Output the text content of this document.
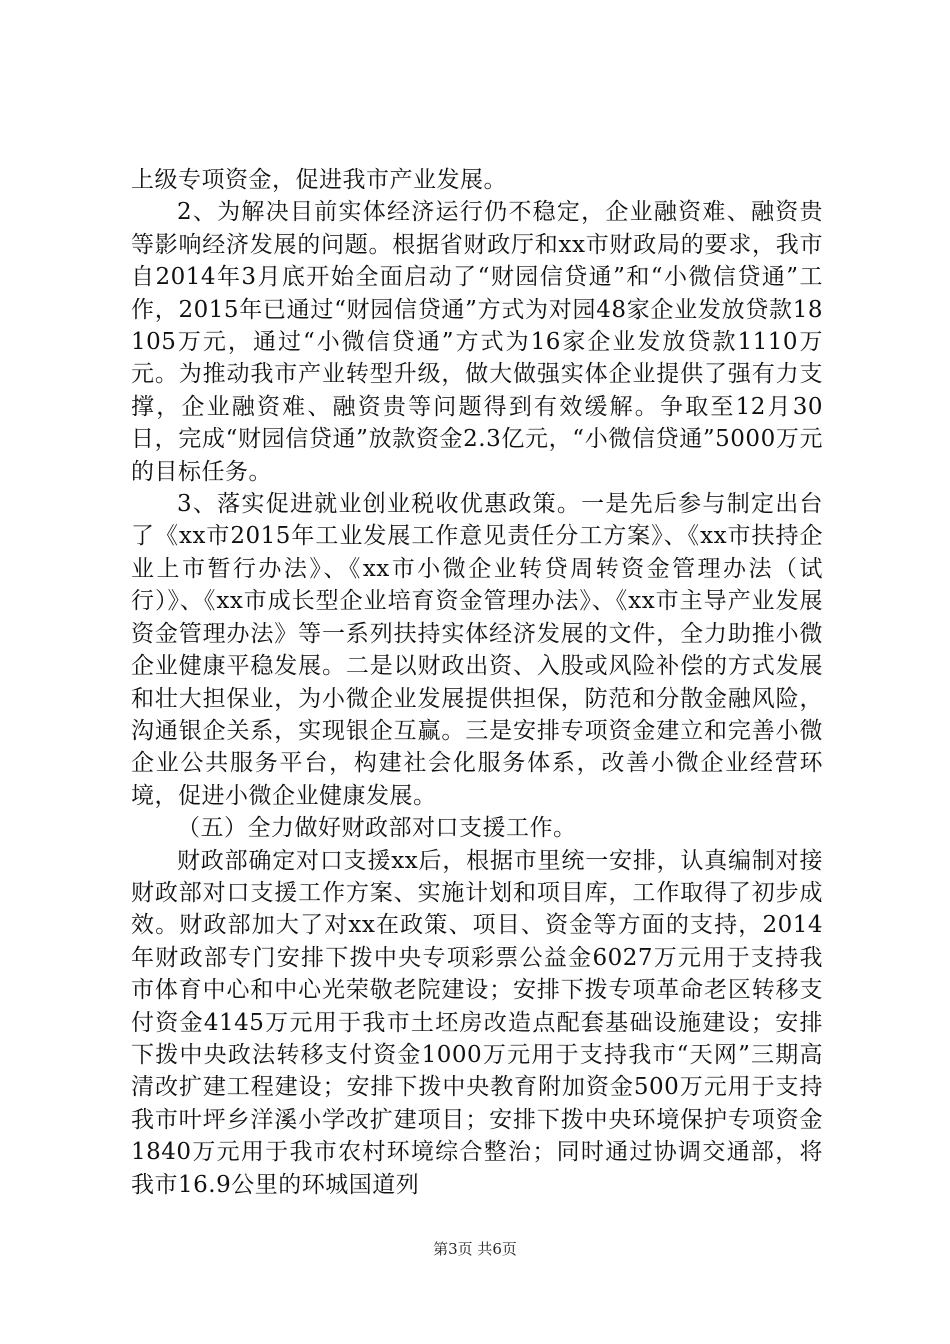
上级专项资金，促进我市产业发展。

2、为解决目前实体经济运行仍不稳定，企业融资难、融资贵等影响经济发展的问题。根据省财政厅和xx市财政局的要求，我市自2014年3月底开始全面启动了“财园信贷通”和“小微信贷通”工作，2015年已通过“财园信贷通”方式为对园48家企业发放贷款18105万元，通过“小微信贷通”方式为16家企业发放贷款1110万元。为推动我市产业转型升级，做大做强实体企业提供了强有力支撑，企业融资难、融资贵等问题得到有效缓解。争取至12月30日，完成“财园信贷通”放款资金2.3亿元，“小微信贷通”5000万元的目标任务。

3、落实促进就业创业税收优惠政策。一是先后参与制定出台了《xx市2015年工业发展工作意见责任分工方案》、《xx市扶持企业上市暂行办法》、《xx市小微企业转贷周转资金管理办法（试行）》、《xx市成长型企业培育资金管理办法》、《xx市主导产业发展资金管理办法》等一系列扶持实体经济发展的文件，全力助推小微企业健康平稳发展。二是以财政出资、入股或风险补偿的方式发展和壮大担保业，为小微企业发展提供担保，防范和分散金融风险，沟通银企关系，实现银企互赢。三是安排专项资金建立和完善小微企业公共服务平台，构建社会化服务体系，改善小微企业经营环境，促进小微企业健康发展。

（五）全力做好财政部对口支援工作。

财政部确定对口支援xx后，根据市里统一安排，认真编制对接财政部对口支援工作方案、实施计划和项目库，工作取得了初步成效。财政部加大了对xx在政策、项目、资金等方面的支持，2014年财政部专门安排下拨中央专项彩票公益金6027万元用于支持我市体育中心和中心光荣敬老院建设；安排下拨专项革命老区转移支付资金4145万元用于我市土坯房改造点配套基础设施建设；安排下拨中央政法转移支付资金1000万元用于支持我市“天网”三期高清改扩建工程建设；安排下拨中央教育附加资金500万元用于支持我市叶坪乡洋溪小学改扩建项目；安排下拨中央环境保护专项资金1840万元用于我市农村环境综合整治；同时通过协调交通部，将我市16.9公里的环城国道列

第3页 共6页
